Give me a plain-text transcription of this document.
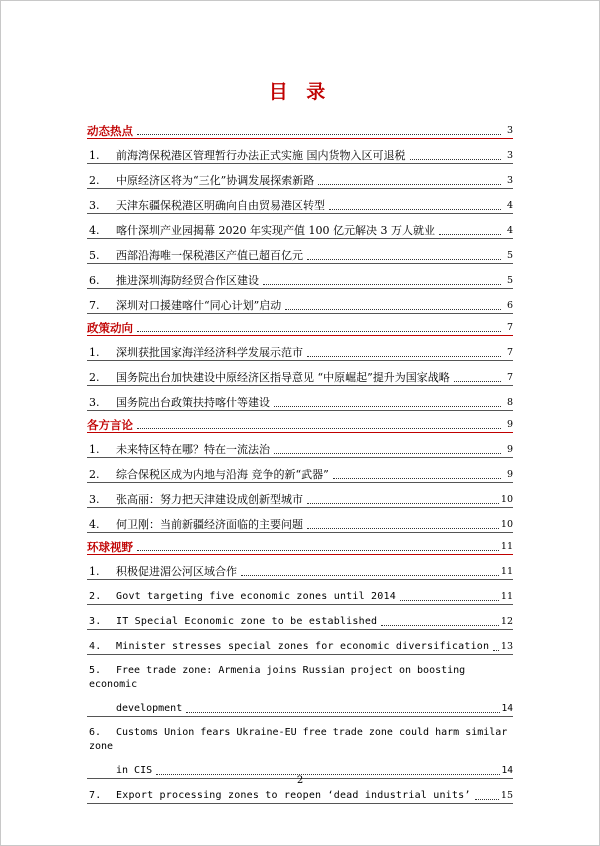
目 录
动态热点	3
1. 前海湾保税港区管理暂行办法正式实施 国内货物入区可退税	3
2. 中原经济区将为“三化”协调发展探索新路	3
3. 天津东疆保税港区明确向自由贸易港区转型	4
4. 喀什深圳产业园揭幕 2020 年实现产值 100 亿元解决 3 万人就业	4
5. 西部沿海唯一保税港区产值已超百亿元	5
6. 推进深圳海防经贸合作区建设	5
7. 深圳对口援建喀什“同心计划”启动	6
政策动向	7
1. 深圳获批国家海洋经济科学发展示范市	7
2. 国务院出台加快建设中原经济区指导意见 “中原崛起”提升为国家战略	7
3. 国务院出台政策扶持喀什等建设	8
各方言论	9
1. 未来特区特在哪？特在一流法治	9
2. 综合保税区成为内地与沿海 竞争的新“武器”	9
3. 张高丽：努力把天津建设成创新型城市	10
4. 何卫刚：当前新疆经济面临的主要问题	10
环球视野	11
1. 积极促进湄公河区域合作	11
2. Govt targeting five economic zones until 2014	11
3. IT Special Economic zone to be established	12
4. Minister stresses special zones for economic diversification 13
5. Free trade zone: Armenia joins Russian project on boosting economic
development	14
6. Customs Union fears Ukraine-EU free trade zone could harm similar zone
in CIS	14
7. Export processing zones to reopen ‘dead industrial units’	15
2
